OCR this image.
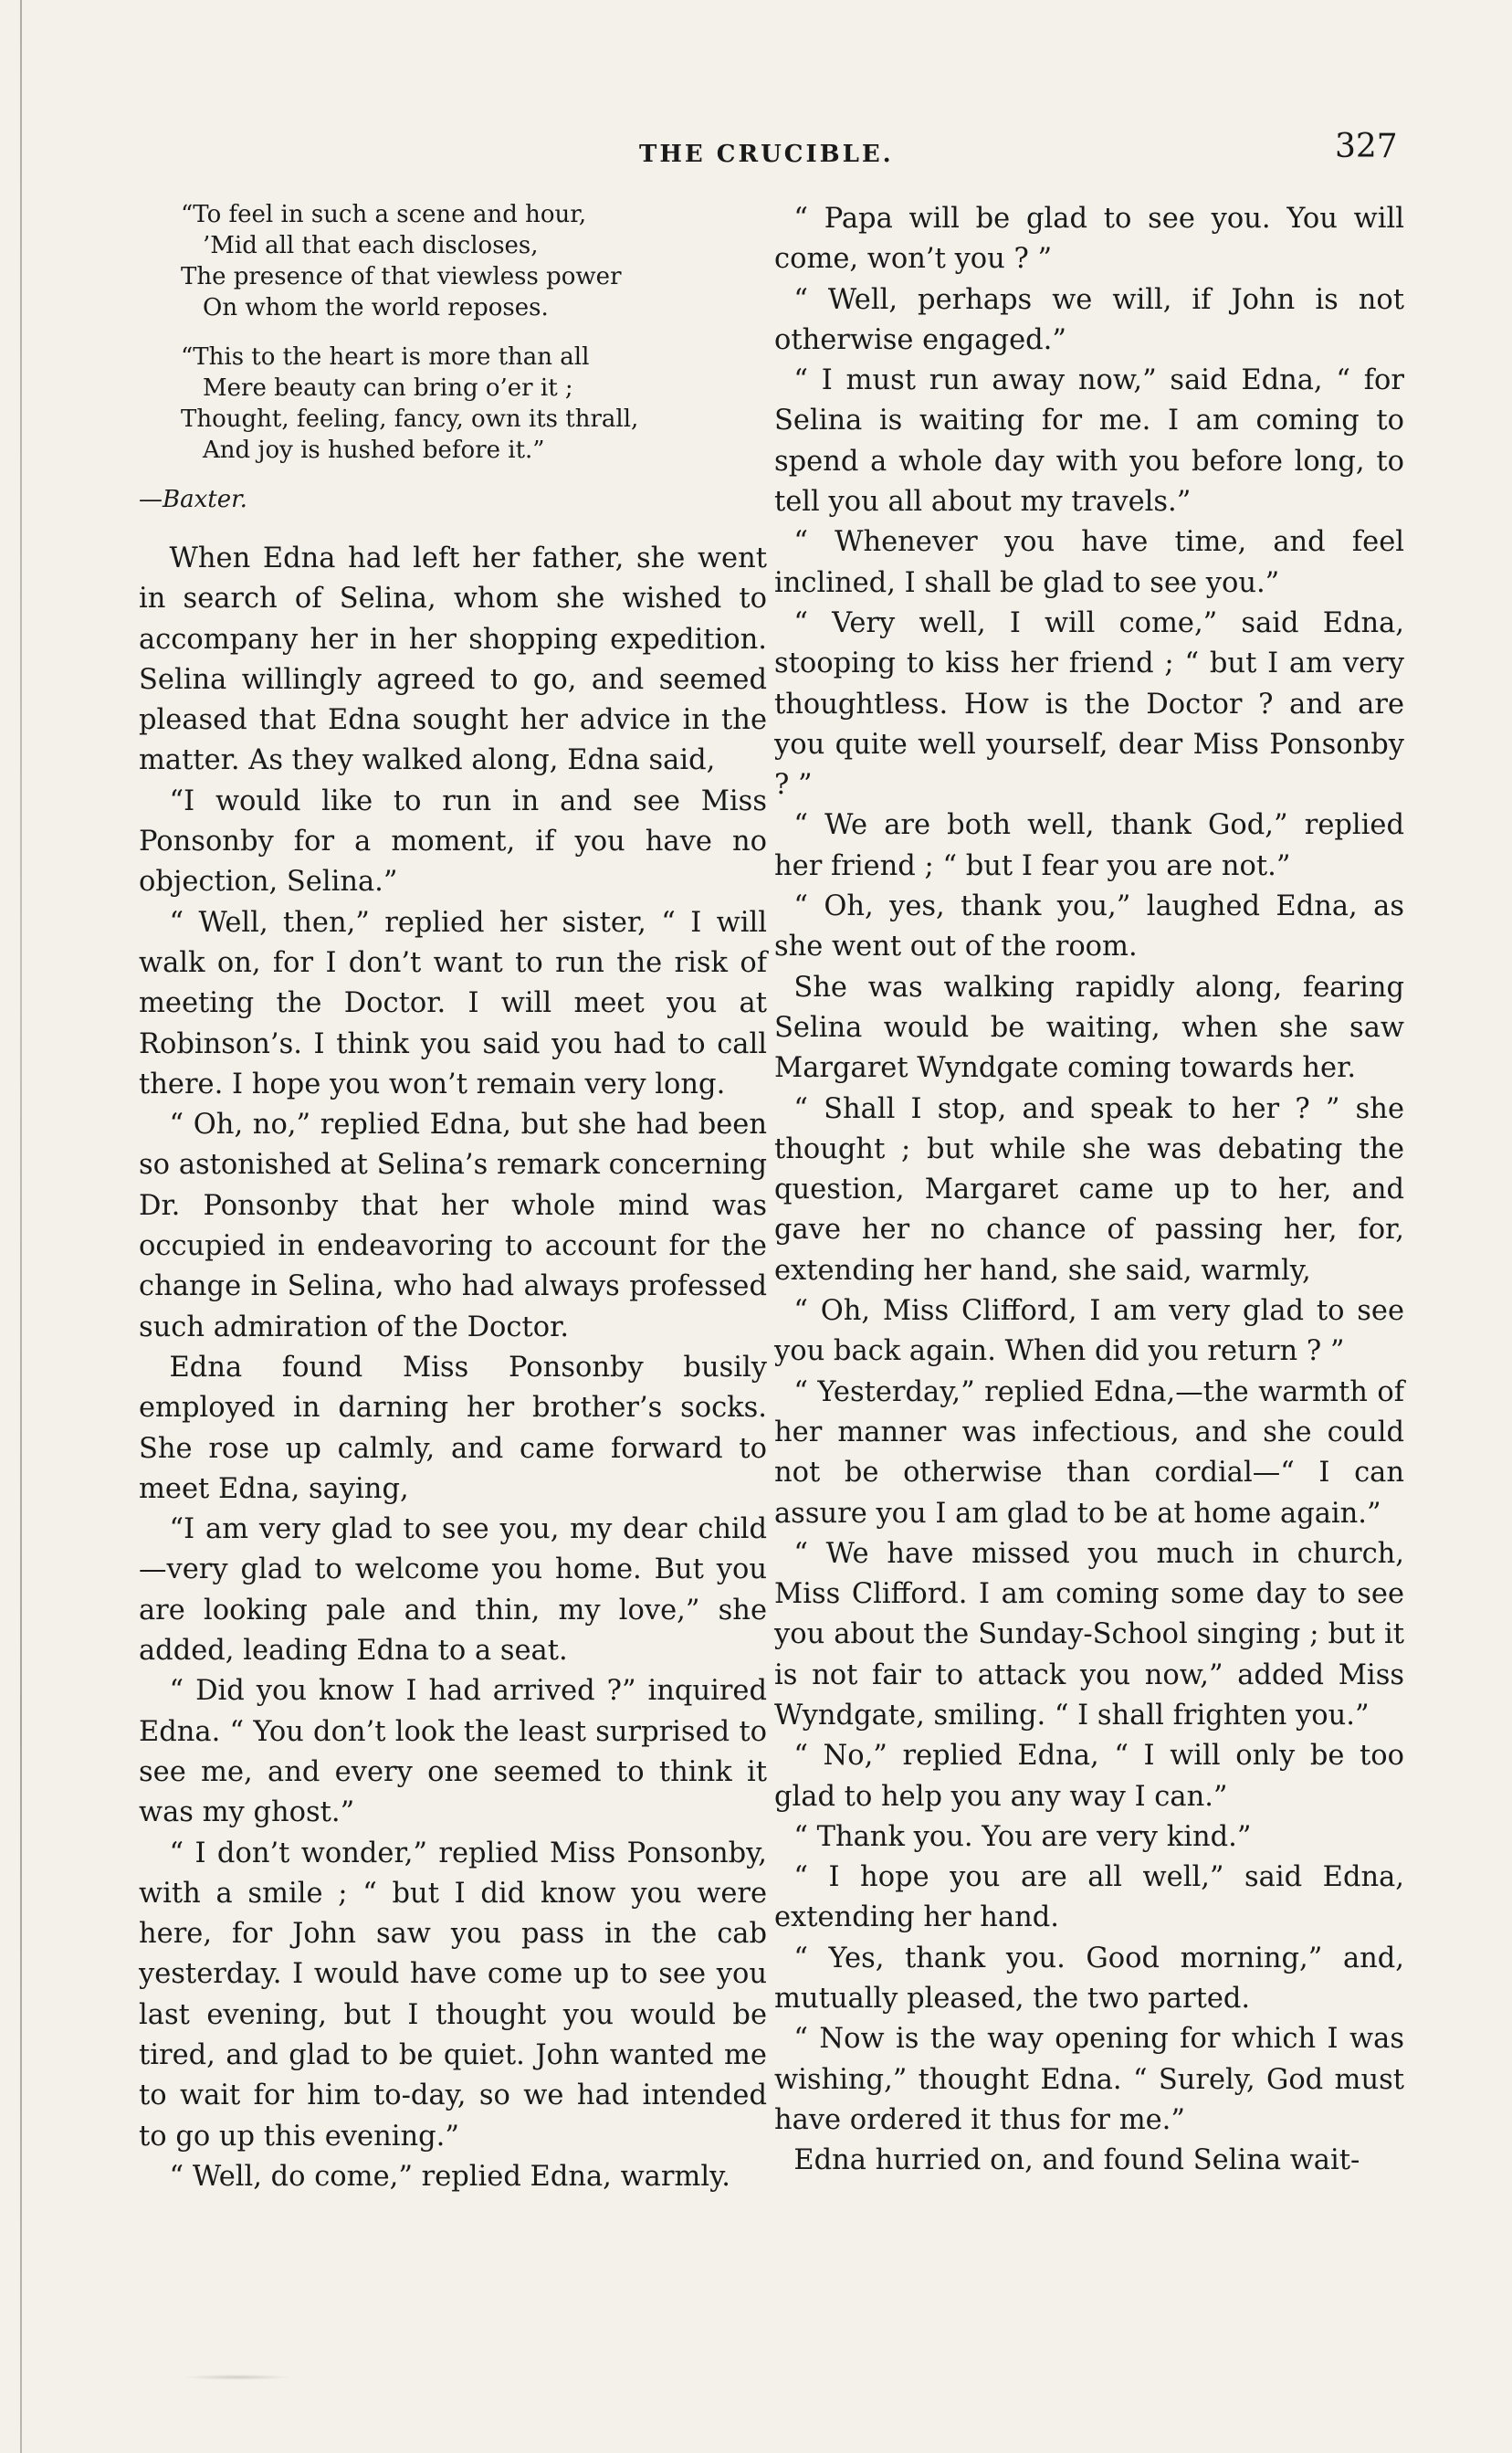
THE CRUCIBLE.	327
“To feel in such a scene and hour,
’Mid all that each discloses,
The presence of that viewless power
On whom the world reposes.
“This to the heart is more than all
Mere beauty can bring o’er it ;
Thought, feeling, fancy, own its thrall,
And joy is hushed before it.”
—Baxter.

When Edna had left her father, she went in search of Selina, whom she wished to accompany her in her shopping expedition. Selina willingly agreed to go, and seemed pleased that Edna sought her advice in the matter. As they walked along, Edna said,

“I would like to run in and see Miss Ponsonby for a moment, if you have no objection, Selina.”

“ Well, then,” replied her sister, “ I will walk on, for I don’t want to run the risk of meeting the Doctor. I will meet you at Robinson’s. I think you said you had to call there. I hope you won’t remain very long.

“ Oh, no,” replied Edna, but she had been so astonished at Selina’s remark concerning Dr. Ponsonby that her whole mind was occupied in endeavoring to account for the change in Selina, who had always professed such admiration of the Doctor.

Edna found Miss Ponsonby busily employed in darning her brother’s socks. She rose up calmly, and came forward to meet Edna, saying,

“I am very glad to see you, my dear child—very glad to welcome you home. But you are looking pale and thin, my love,” she added, leading Edna to a seat.

“ Did you know I had arrived ?” inquired Edna. “ You don’t look the least surprised to see me, and every one seemed to think it was my ghost.”

“ I don’t wonder,” replied Miss Ponsonby, with a smile ; “ but I did know you were here, for John saw you pass in the cab yesterday. I would have come up to see you last evening, but I thought you would be tired, and glad to be quiet. John wanted me to wait for him to-day, so we had intended to go up this evening.”

“ Well, do come,” replied Edna, warmly.

“ Papa will be glad to see you. You will come, won’t you ? ”

“ Well, perhaps we will, if John is not otherwise engaged.”

“ I must run away now,” said Edna, “ for Selina is waiting for me. I am coming to spend a whole day with you before long, to tell you all about my travels.”

“ Whenever you have time, and feel inclined, I shall be glad to see you.”

“ Very well, I will come,” said Edna, stooping to kiss her friend ; “ but I am very thoughtless. How is the Doctor ? and are you quite well yourself, dear Miss Ponsonby ? ”

“ We are both well, thank God,” replied her friend ; “ but I fear you are not.”

“ Oh, yes, thank you,” laughed Edna, as she went out of the room.

She was walking rapidly along, fearing Selina would be waiting, when she saw Margaret Wyndgate coming towards her.

“ Shall I stop, and speak to her ? ” she thought ; but while she was debating the question, Margaret came up to her, and gave her no chance of passing her, for, extending her hand, she said, warmly,

“ Oh, Miss Clifford, I am very glad to see you back again. When did you return ? ”

“ Yesterday,” replied Edna,—the warmth of her manner was infectious, and she could not be otherwise than cordial—“ I can assure you I am glad to be at home again.”

“ We have missed you much in church, Miss Clifford. I am coming some day to see you about the Sunday-School singing ; but it is not fair to attack you now,” added Miss Wyndgate, smiling. “ I shall frighten you.”

“ No,” replied Edna, “ I will only be too glad to help you any way I can.”

“ Thank you. You are very kind.”

“ I hope you are all well,” said Edna, extending her hand.

“ Yes, thank you. Good morning,” and, mutually pleased, the two parted.

“ Now is the way opening for which I was wishing,” thought Edna. “ Surely, God must have ordered it thus for me.”

Edna hurried on, and found Selina wait-
